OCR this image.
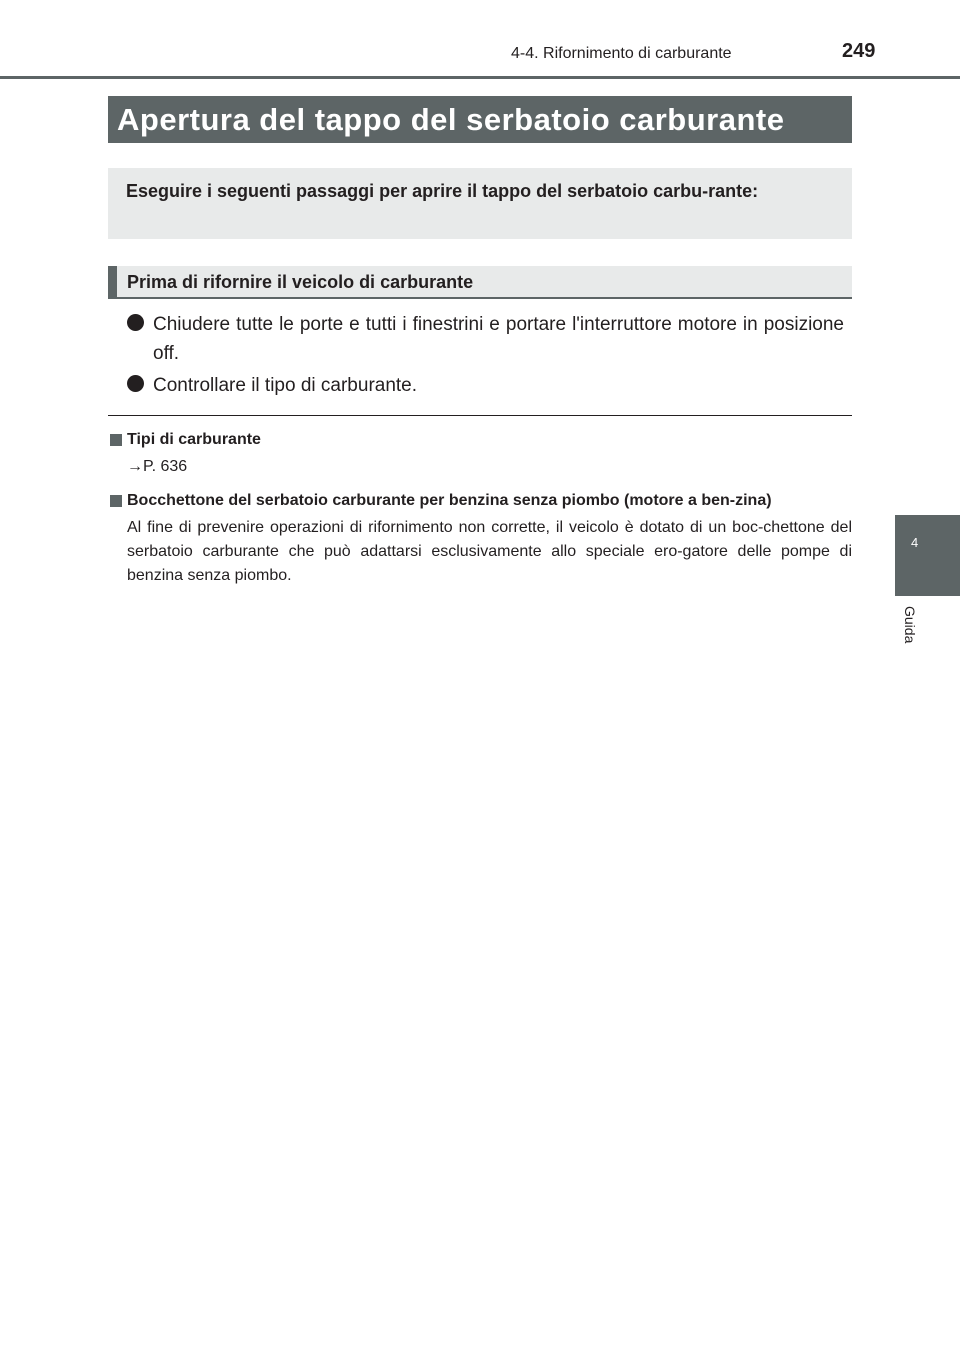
4-4. Rifornimento di carburante	249
4
Guida
Apertura del tappo del serbatoio carburante
Eseguire i seguenti passaggi per aprire il tappo del serbatoio carbu-rante:
Prima di rifornire il veicolo di carburante
Chiudere tutte le porte e tutti i finestrini e portare l'interruttore motore in posizione off.
Controllare il tipo di carburante.
Tipi di carburante
→P. 636
Bocchettone del serbatoio carburante per benzina senza piombo (motore a ben-zina)
Al fine di prevenire operazioni di rifornimento non corrette, il veicolo è dotato di un boc-chettone del serbatoio carburante che può adattarsi esclusivamente allo speciale ero-gatore delle pompe di benzina senza piombo.
